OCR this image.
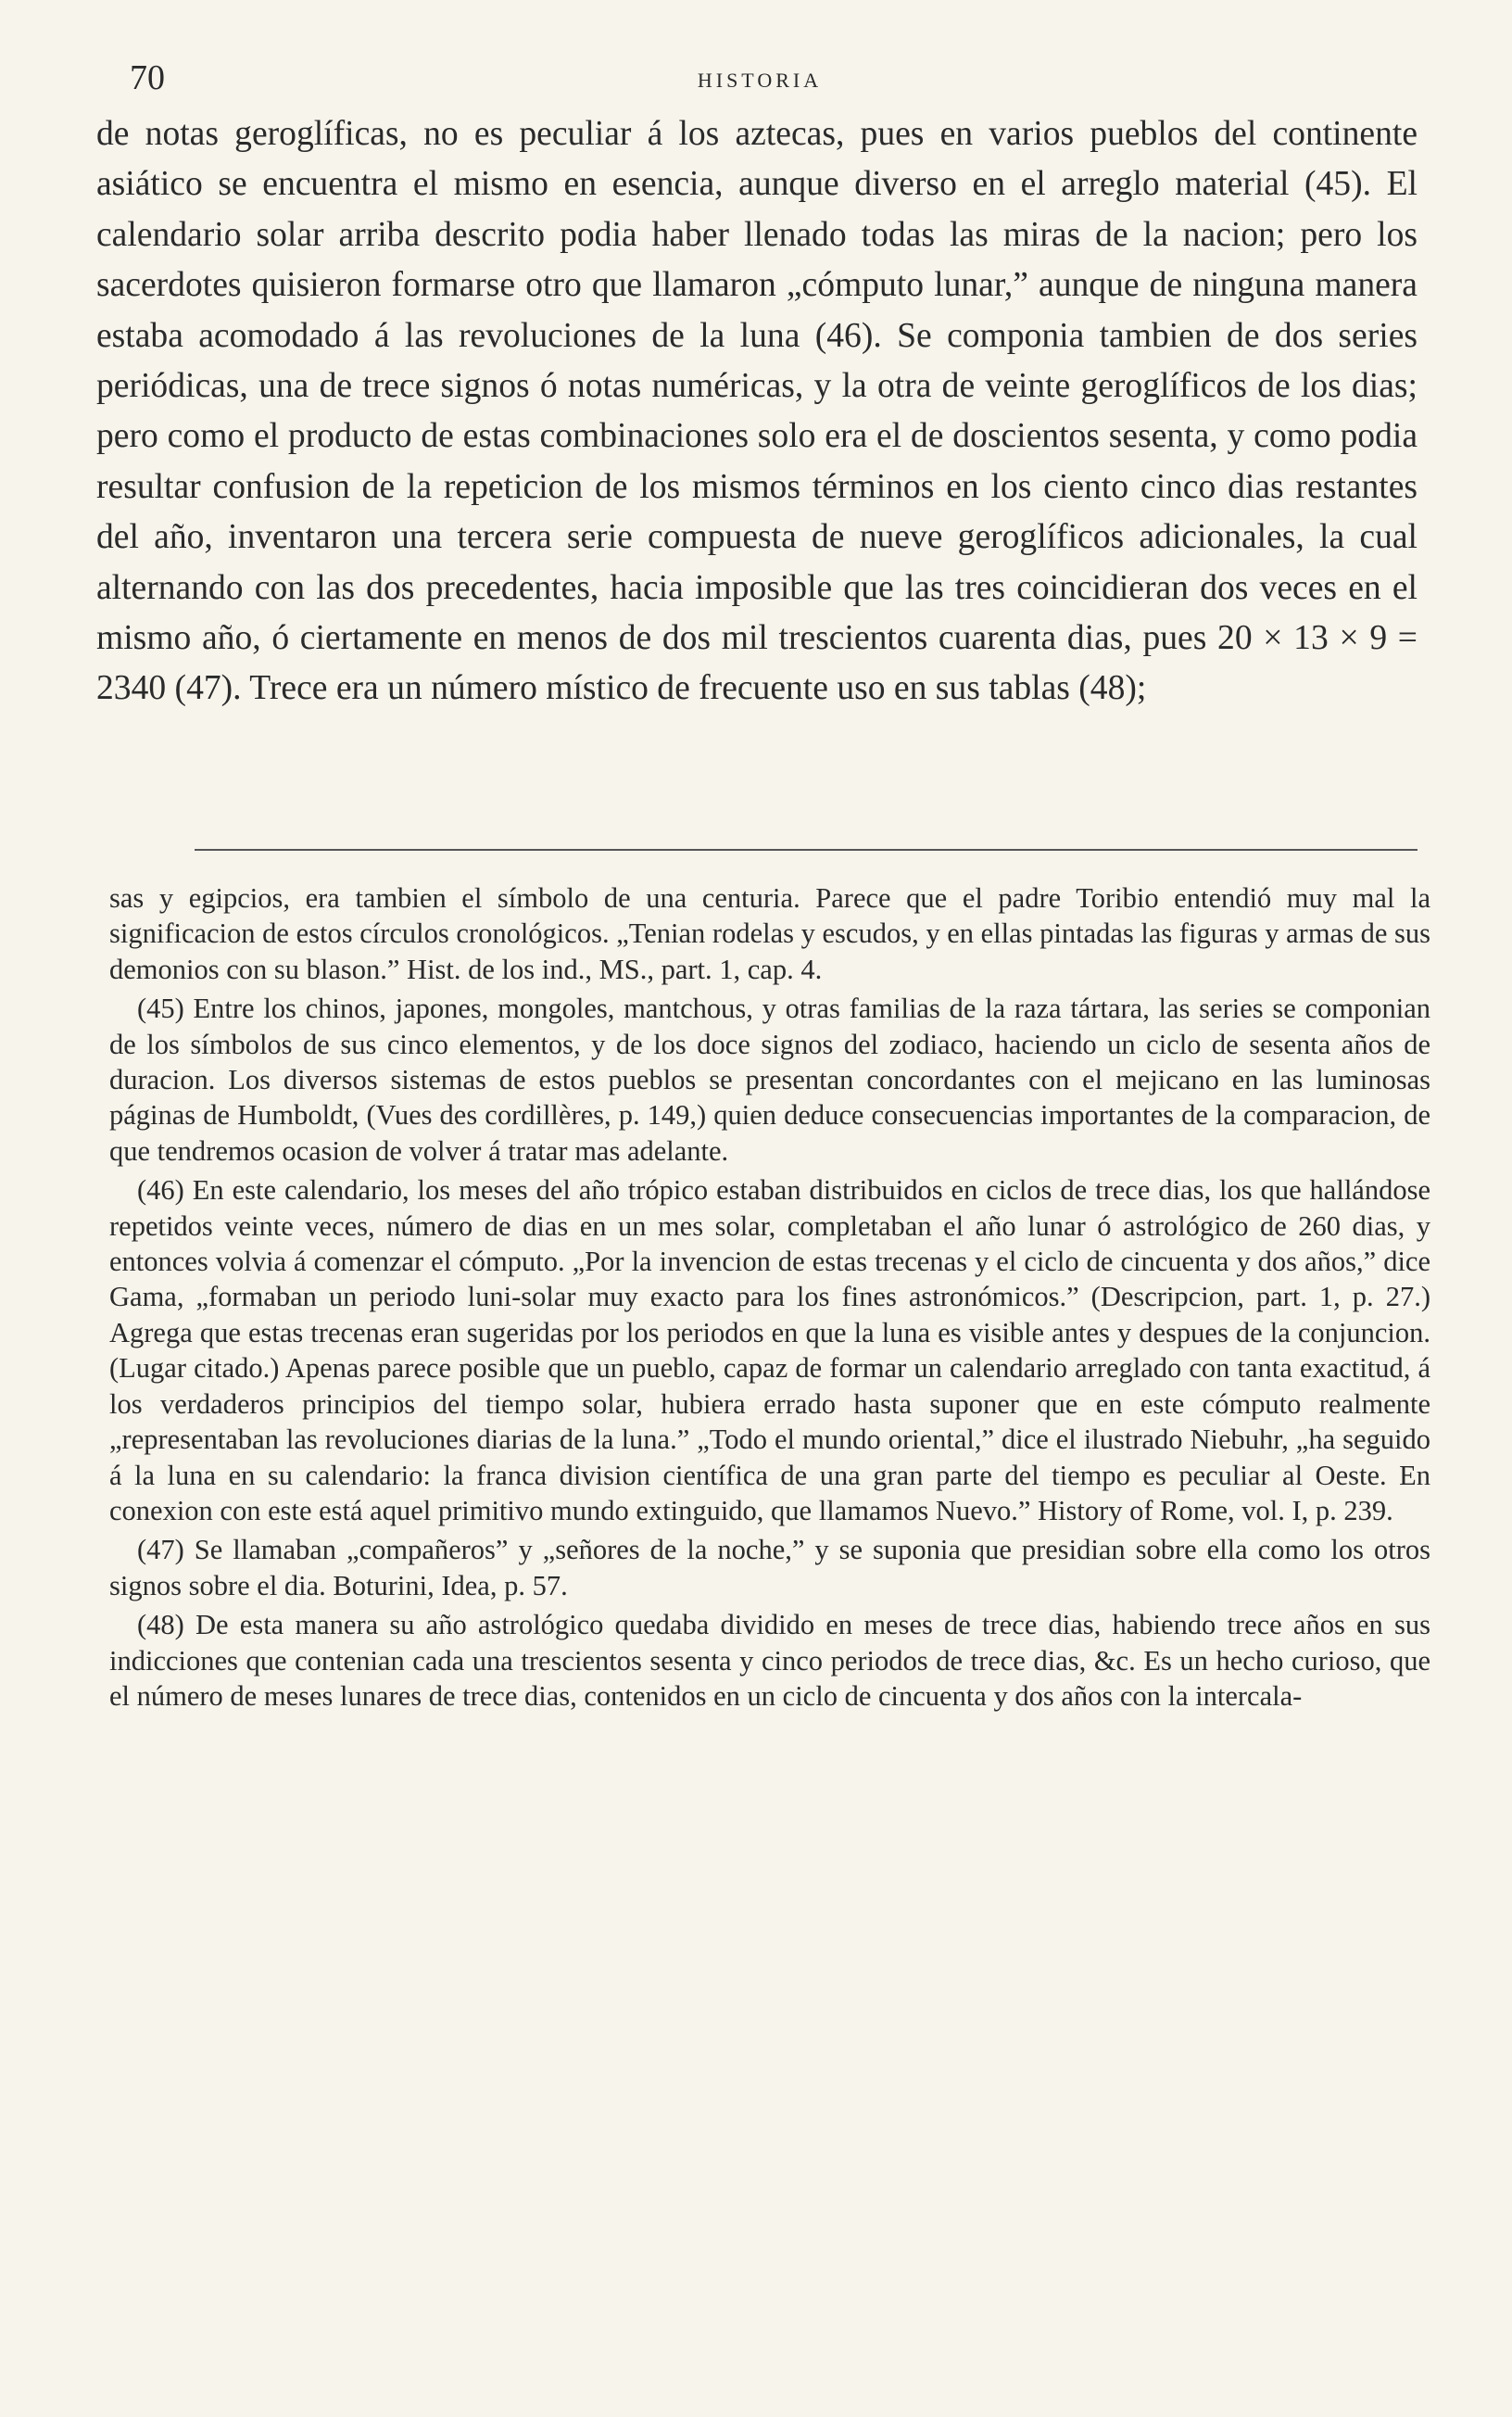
70	HISTORIA

de notas geroglíficas, no es peculiar á los aztecas, pues en varios pueblos del continente asiático se encuentra el mismo en esencia, aunque diverso en el arreglo material (45). El calendario solar arriba descrito podia haber llenado todas las miras de la nacion; pero los sacerdotes quisieron formarse otro que llamaron „cómputo lunar,” aunque de ninguna manera estaba acomodado á las revoluciones de la luna (46). Se componia tambien de dos series periódicas, una de trece signos ó notas numéricas, y la otra de veinte geroglíficos de los dias; pero como el producto de estas combinaciones solo era el de doscientos sesenta, y como podia resultar confusion de la repeticion de los mismos términos en los ciento cinco dias restantes del año, inventaron una tercera serie compuesta de nueve geroglíficos adicionales, la cual alternando con las dos precedentes, hacia imposible que las tres coincidieran dos veces en el mismo año, ó ciertamente en menos de dos mil trescientos cuarenta dias, pues 20 × 13 × 9 = 2340 (47). Trece era un número místico de frecuente uso en sus tablas (48);

sas y egipcios, era tambien el símbolo de una centuria. Parece que el padre Toribio entendió muy mal la significacion de estos círculos cronológicos. „Tenian rodelas y escudos, y en ellas pintadas las figuras y armas de sus demonios con su blason.” Hist. de los ind., MS., part. 1, cap. 4.

(45) Entre los chinos, japones, mongoles, mantchous, y otras familias de la raza tártara, las series se componian de los símbolos de sus cinco elementos, y de los doce signos del zodiaco, haciendo un ciclo de sesenta años de duracion. Los diversos sistemas de estos pueblos se presentan concordantes con el mejicano en las luminosas páginas de Humboldt, (Vues des cordillères, p. 149,) quien deduce consecuencias importantes de la comparacion, de que tendremos ocasion de volver á tratar mas adelante.

(46) En este calendario, los meses del año trópico estaban distribuidos en ciclos de trece dias, los que hallándose repetidos veinte veces, número de dias en un mes solar, completaban el año lunar ó astrológico de 260 dias, y entonces volvia á comenzar el cómputo. „Por la invencion de estas trecenas y el ciclo de cincuenta y dos años,” dice Gama, „formaban un periodo luni-solar muy exacto para los fines astronómicos.” (Descripcion, part. 1, p. 27.) Agrega que estas trecenas eran sugeridas por los periodos en que la luna es visible antes y despues de la conjuncion. (Lugar citado.) Apenas parece posible que un pueblo, capaz de formar un calendario arreglado con tanta exactitud, á los verdaderos principios del tiempo solar, hubiera errado hasta suponer que en este cómputo realmente „representaban las revoluciones diarias de la luna.” „Todo el mundo oriental,” dice el ilustrado Niebuhr, „ha seguido á la luna en su calendario: la franca division científica de una gran parte del tiempo es peculiar al Oeste. En conexion con este está aquel primitivo mundo extinguido, que llamamos Nuevo.” History of Rome, vol. I, p. 239.

(47) Se llamaban „compañeros” y „señores de la noche,” y se suponia que presidian sobre ella como los otros signos sobre el dia. Boturini, Idea, p. 57.

(48) De esta manera su año astrológico quedaba dividido en meses de trece dias, habiendo trece años en sus indicciones que contenian cada una trescientos sesenta y cinco periodos de trece dias, &c. Es un hecho curioso, que el número de meses lunares de trece dias, contenidos en un ciclo de cincuenta y dos años con la intercala-
